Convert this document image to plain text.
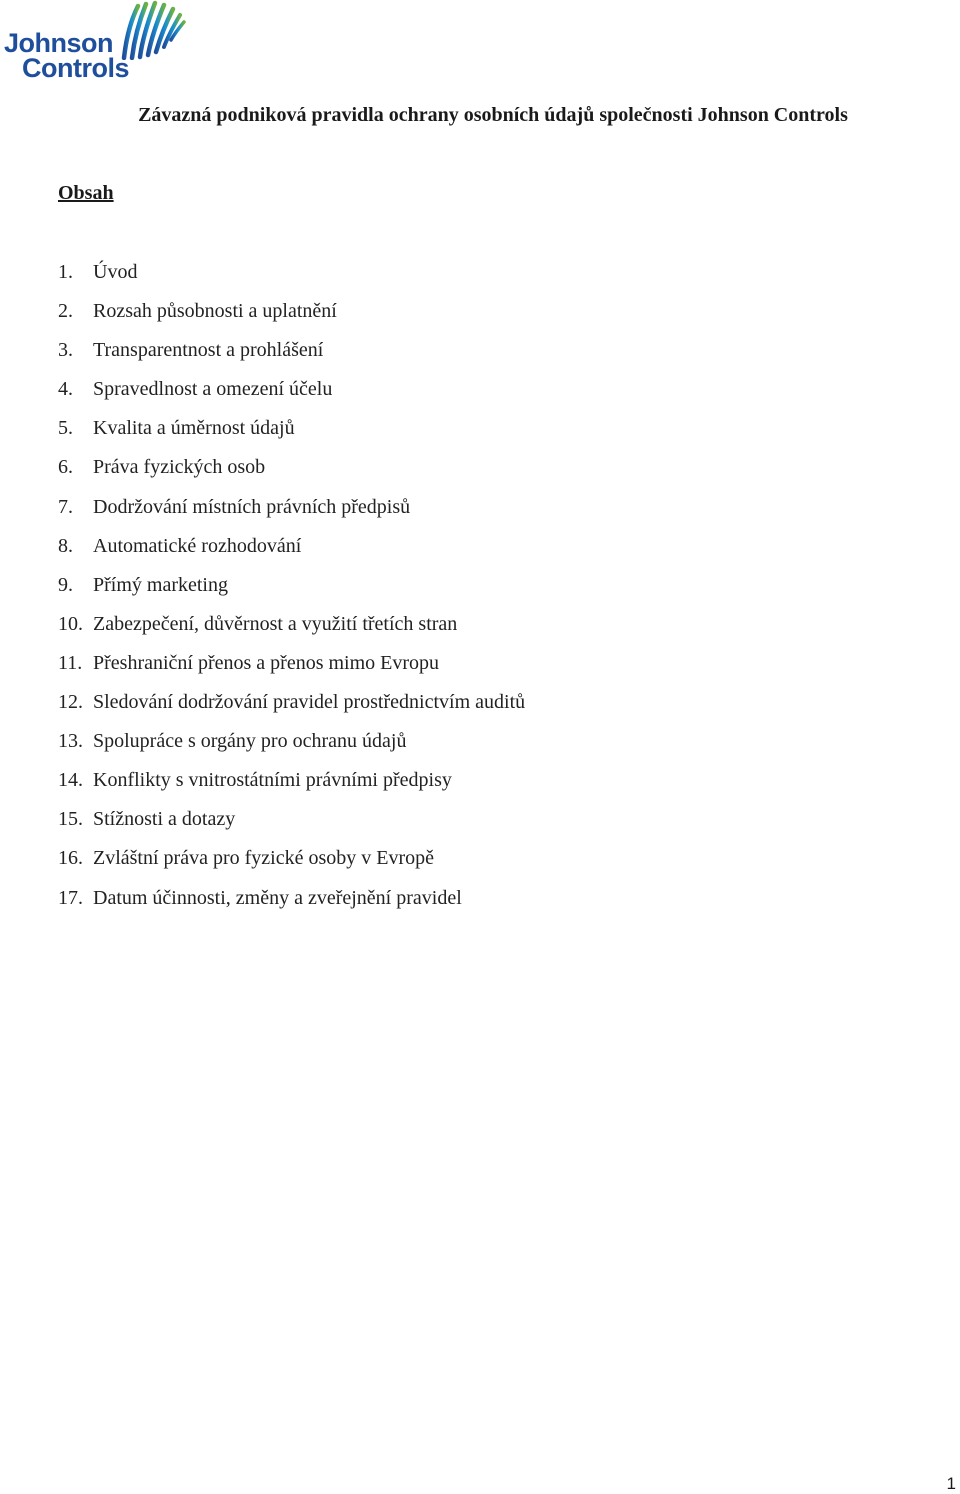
Johnson
Controls
Závazná podniková pravidla ochrany osobních údajů společnosti Johnson Controls
Obsah
1. Úvod
2. Rozsah působnosti a uplatnění
3. Transparentnost a prohlášení
4. Spravedlnost a omezení účelu
5. Kvalita a úměrnost údajů
6. Práva fyzických osob
7. Dodržování místních právních předpisů
8. Automatické rozhodování
9. Přímý marketing
10. Zabezpečení, důvěrnost a využití třetích stran
11. Přeshraniční přenos a přenos mimo Evropu
12. Sledování dodržování pravidel prostřednictvím auditů
13. Spolupráce s orgány pro ochranu údajů
14. Konflikty s vnitrostátními právními předpisy
15. Stížnosti a dotazy
16. Zvláštní práva pro fyzické osoby v Evropě
17. Datum účinnosti, změny a zveřejnění pravidel
1
